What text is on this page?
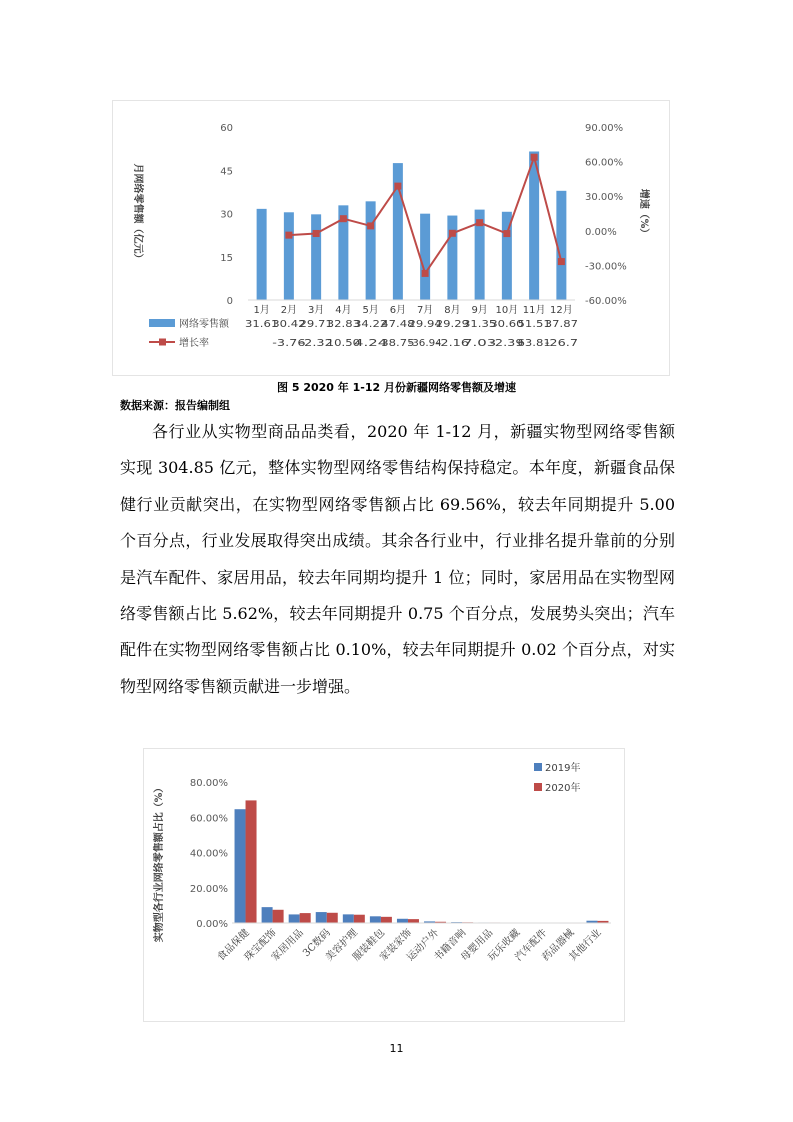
0
15
30
45
60
-60.00%
-30.00%
0.00%
30.00%
60.00%
90.00%
月网络零售额（亿元）	增速（%）
1月 2月 3月 4月 5月 6月 7月 8月 9月 10月 11月 12月
网络零售额
增长率
31.61
30.42
29.71
32.83
34.22
47.48
29.94
29.29
31.35
30.60
51.51
37.87
-3.76
-2.32
10.50
4.24
38.75
-36.94
-2.16
7.03
-2.39
63.81
-26.7
图 5 2020 年 1-12 月份新疆网络零售额及增速
数据来源：报告编制组

各行业从实物型商品品类看，2020 年 1-12 月，新疆实物型网络零售额实现 304.85 亿元，整体实物型网络零售结构保持稳定。本年度，新疆食品保健行业贡献突出，在实物型网络零售额占比 69.56%，较去年同期提升 5.00 个百分点，行业发展取得突出成绩。其余各行业中，行业排名提升靠前的分别是汽车配件、家居用品，较去年同期均提升 1 位；同时，家居用品在实物型网络零售额占比 5.62%，较去年同期提升 0.75 个百分点，发展势头突出；汽车配件在实物型网络零售额占比 0.10%，较去年同期提升 0.02 个百分点，对实物型网络零售额贡献进一步增强。

0.00%
20.00%
40.00%
60.00%
80.00%
实物型各行业网络零售额占比（%）
食品保健
珠宝配饰
家居用品
3C数码
美容护理
服装鞋包
家装家饰
运动户外
书籍音响
母婴用品
玩乐收藏
汽车配件
药品器械
其他行业
2019年
2020年
11
